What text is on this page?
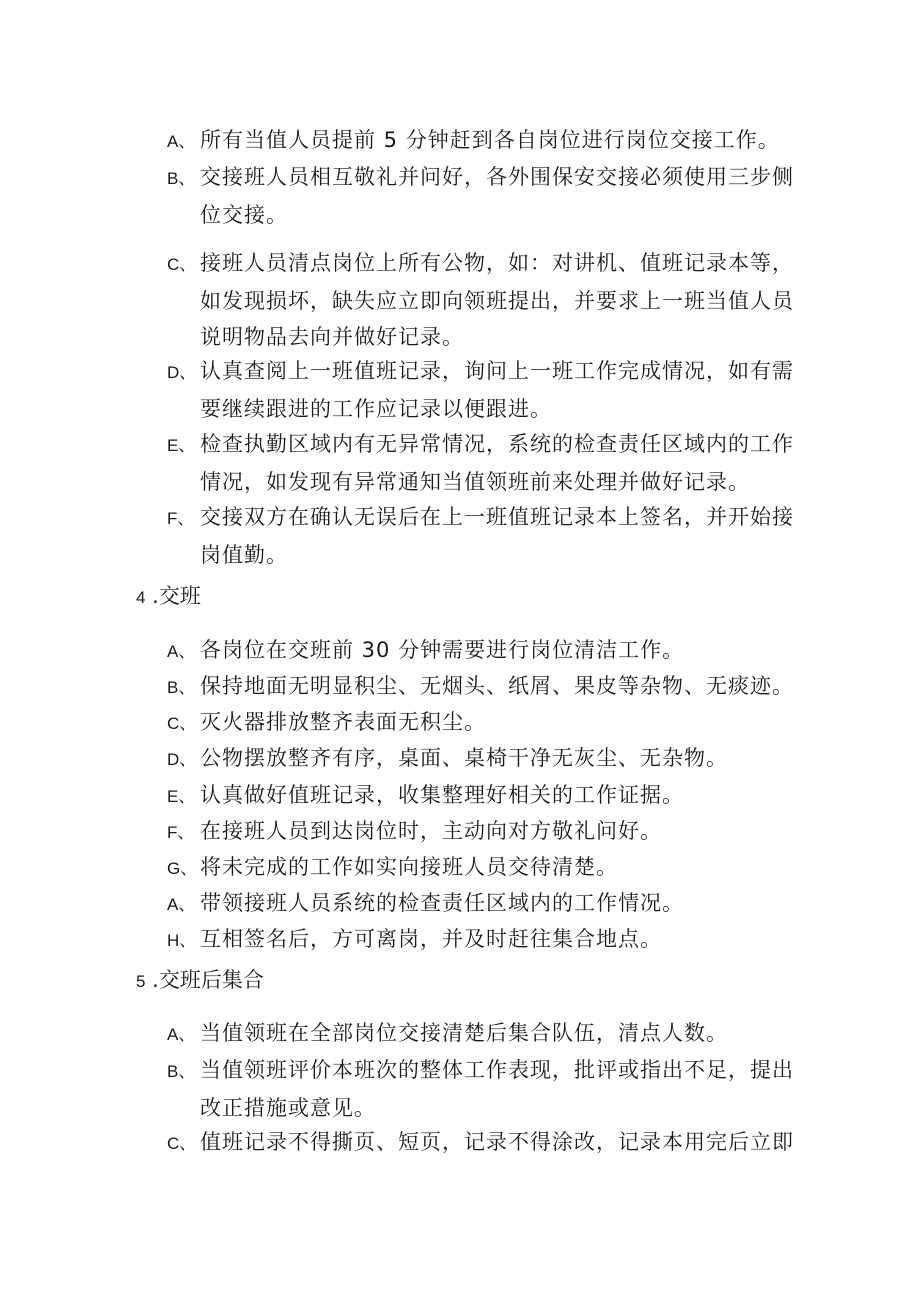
A、 所有当值人员提前 5 分钟赶到各自岗位进行岗位交接工作。

B、 交接班人员相互敬礼并问好，各外围保安交接必须使用三步侧
位交接。

C、 接班人员清点岗位上所有公物，如：对讲机、值班记录本等，
如发现损坏，缺失应立即向领班提出，并要求上一班当值人员
说明物品去向并做好记录。

D、 认真查阅上一班值班记录，询问上一班工作完成情况，如有需
要继续跟进的工作应记录以便跟进。

E、 检查执勤区域内有无异常情况，系统的检查责任区域内的工作
情况，如发现有异常通知当值领班前来处理并做好记录。

F、 交接双方在确认无误后在上一班值班记录本上签名，并开始接
岗值勤。

4 .交班

A、 各岗位在交班前 30 分钟需要进行岗位清洁工作。

B、 保持地面无明显积尘、无烟头、纸屑、果皮等杂物、无痰迹。

C、 灭火器排放整齐表面无积尘。

D、 公物摆放整齐有序，桌面、桌椅干净无灰尘、无杂物。

E、 认真做好值班记录，收集整理好相关的工作证据。

F、 在接班人员到达岗位时，主动向对方敬礼问好。

G、 将未完成的工作如实向接班人员交待清楚。

A、 带领接班人员系统的检查责任区域内的工作情况。

H、 互相签名后，方可离岗，并及时赶往集合地点。

5 .交班后集合

A、 当值领班在全部岗位交接清楚后集合队伍，清点人数。

B、 当值领班评价本班次的整体工作表现，批评或指出不足，提出
改正措施或意见。

C、 值班记录不得撕页、短页，记录不得涂改，记录本用完后立即
